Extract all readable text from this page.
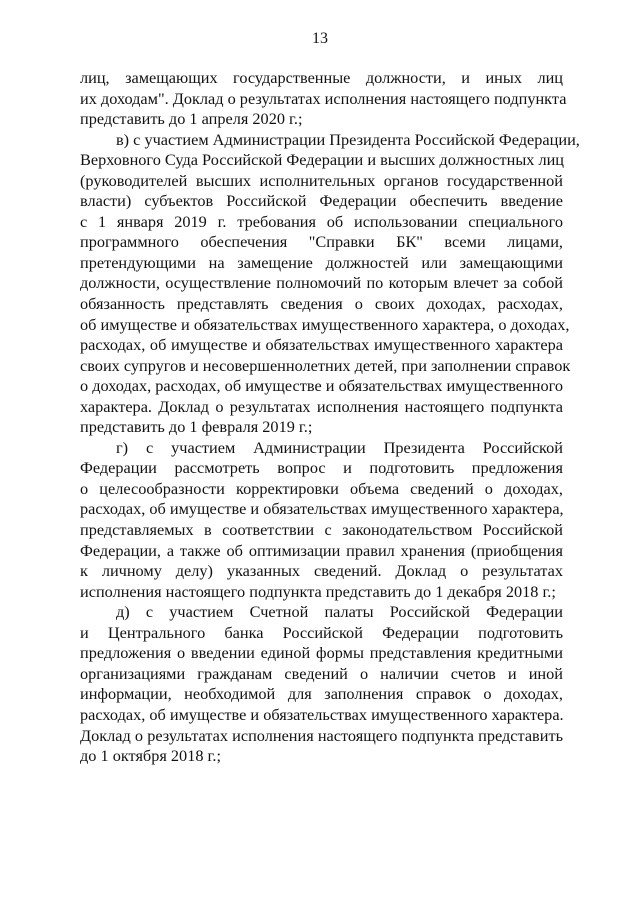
13
лиц, замещающих государственные должности, и иных лиц
их доходам". Доклад о результатах исполнения настоящего подпункта
представить до 1 апреля 2020 г.;
в) с участием Администрации Президента Российской Федерации,
Верховного Суда Российской Федерации и высших должностных лиц
(руководителей высших исполнительных органов государственной
власти) субъектов Российской Федерации обеспечить введение
с 1 января 2019 г. требования об использовании специального
программного обеспечения "Справки БК" всеми лицами,
претендующими на замещение должностей или замещающими
должности, осуществление полномочий по которым влечет за собой
обязанность представлять сведения о своих доходах, расходах,
об имуществе и обязательствах имущественного характера, о доходах,
расходах, об имуществе и обязательствах имущественного характера
своих супругов и несовершеннолетних детей, при заполнении справок
о доходах, расходах, об имуществе и обязательствах имущественного
характера. Доклад о результатах исполнения настоящего подпункта
представить до 1 февраля 2019 г.;
г) с участием Администрации Президента Российской
Федерации рассмотреть вопрос и подготовить предложения
о целесообразности корректировки объема сведений о доходах,
расходах, об имуществе и обязательствах имущественного характера,
представляемых в соответствии с законодательством Российской
Федерации, а также об оптимизации правил хранения (приобщения
к личному делу) указанных сведений. Доклад о результатах
исполнения настоящего подпункта представить до 1 декабря 2018 г.;
д) с участием Счетной палаты Российской Федерации
и Центрального банка Российской Федерации подготовить
предложения о введении единой формы представления кредитными
организациями гражданам сведений о наличии счетов и иной
информации, необходимой для заполнения справок о доходах,
расходах, об имуществе и обязательствах имущественного характера.
Доклад о результатах исполнения настоящего подпункта представить
до 1 октября 2018 г.;
